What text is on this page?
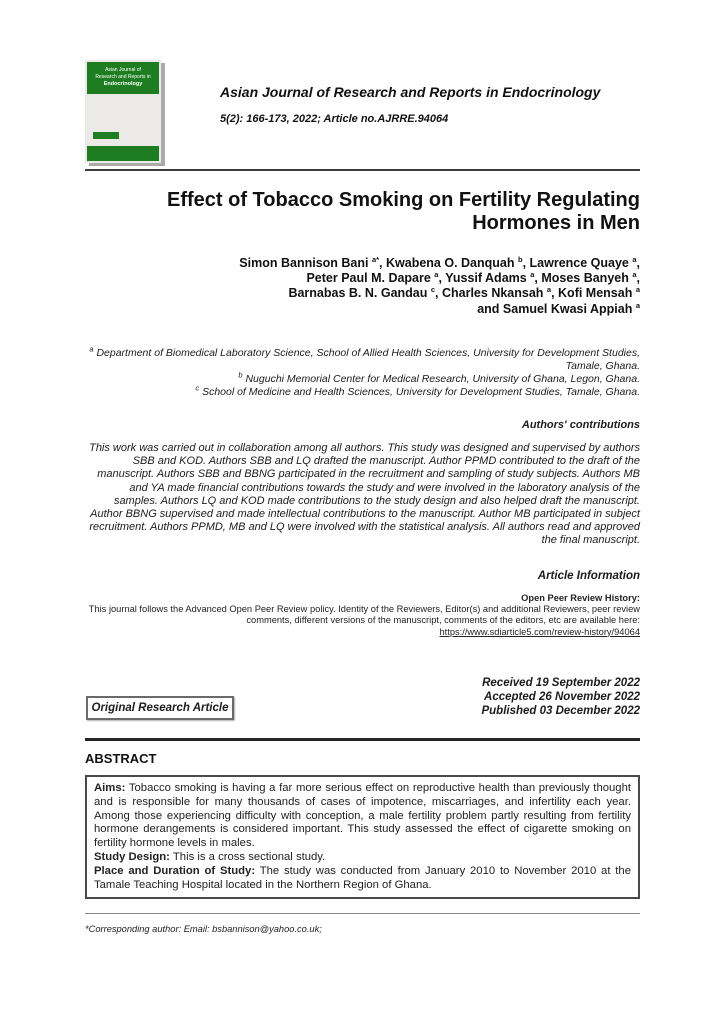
Asian Journal of
Research and Reports in
Endocrinology	Asian Journal of Research and Reports in Endocrinology
5(2): 166-173, 2022; Article no.AJRRE.94064
Effect of Tobacco Smoking on Fertility Regulating
Hormones in Men
Simon Bannison Bani $^{a*}$, Kwabena O. Danquah $^b$, Lawrence Quaye $^a$,
Peter Paul M. Dapare $^a$, Yussif Adams $^a$, Moses Banyeh $^a$,
Barnabas B. N. Gandau $^c$, Charles Nkansah $^a$, Kofi Mensah $^a$
and Samuel Kwasi Appiah $^a$
$^a$ Department of Biomedical Laboratory Science, School of Allied Health Sciences, University for Development Studies, Tamale, Ghana.
$^b$ Nuguchi Memorial Center for Medical Research, University of Ghana, Legon, Ghana.
$^c$ School of Medicine and Health Sciences, University for Development Studies, Tamale, Ghana.
Authors' contributions
This work was carried out in collaboration among all authors. This study was designed and supervised by authors SBB and KOD. Authors SBB and LQ drafted the manuscript. Author PPMD contributed to the draft of the manuscript. Authors SBB and BBNG participated in the recruitment and sampling of study subjects. Authors MB and YA made financial contributions towards the study and were involved in the laboratory analysis of the samples. Authors LQ and KOD made contributions to the study design and also helped draft the manuscript. Author BBNG supervised and made intellectual contributions to the manuscript. Author MB participated in subject recruitment. Authors PPMD, MB and LQ were involved with the statistical analysis. All authors read and approved the final manuscript.
Article Information
Open Peer Review History:
This journal follows the Advanced Open Peer Review policy. Identity of the Reviewers, Editor(s) and additional Reviewers, peer review comments, different versions of the manuscript, comments of the editors, etc are available here:
https://www.sdiarticle5.com/review-history/94064
Received 19 September 2022
Accepted 26 November 2022
Published 03 December 2022
Original Research Article
ABSTRACT
Aims: Tobacco smoking is having a far more serious effect on reproductive health than previously thought and is responsible for many thousands of cases of impotence, miscarriages, and infertility each year. Among those experiencing difficulty with conception, a male fertility problem partly resulting from fertility hormone derangements is considered important. This study assessed the effect of cigarette smoking on fertility hormone levels in males.
Study Design: This is a cross sectional study.
Place and Duration of Study: The study was conducted from January 2010 to November 2010 at the Tamale Teaching Hospital located in the Northern Region of Ghana.
*Corresponding author: Email: bsbannison@yahoo.co.uk;
